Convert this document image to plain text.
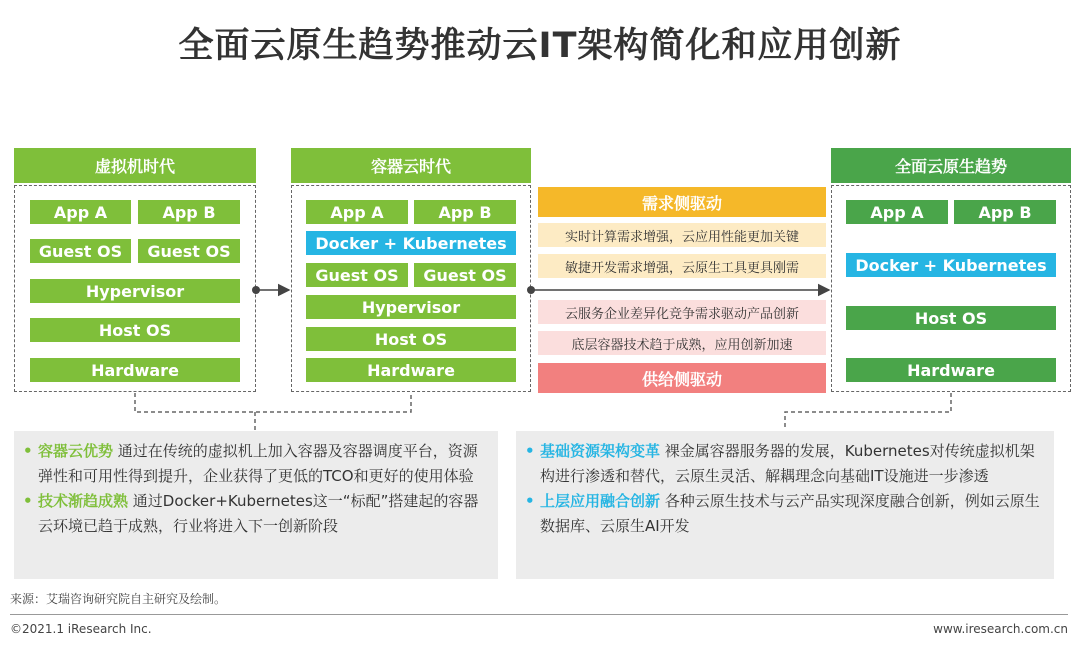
全面云原生趋势推动云IT架构简化和应用创新
虚拟机时代
App A	App B
Guest OS	Guest OS
Hypervisor
Host OS
Hardware
容器云时代
App A	App B
Docker + Kubernetes
Guest OS	Guest OS
Hypervisor
Host OS
Hardware
全面云原生趋势
App A	App B
Docker + Kubernetes
Host OS
Hardware
需求侧驱动
实时计算需求增强，云应用性能更加关键
敏捷开发需求增强，云原生工具更具刚需
云服务企业差异化竞争需求驱动产品创新
底层容器技术趋于成熟，应用创新加速
供给侧驱动

• 容器云优势 通过在传统的虚拟机上加入容器及容器调度平台，资源弹性和可用性得到提升，企业获得了更低的TCO和更好的使用体验

• 技术渐趋成熟 通过Docker+Kubernetes这一“标配”搭建起的容器云环境已趋于成熟，行业将进入下一创新阶段

• 基础资源架构变革 裸金属容器服务器的发展，Kubernetes对传统虚拟机架构进行渗透和替代，云原生灵活、解耦理念向基础IT设施进一步渗透

• 上层应用融合创新 各种云原生技术与云产品实现深度融合创新，例如云原生数据库、云原生AI开发

来源：艾瑞咨询研究院自主研究及绘制。
©2021.1 iResearch Inc.	www.iresearch.com.cn
